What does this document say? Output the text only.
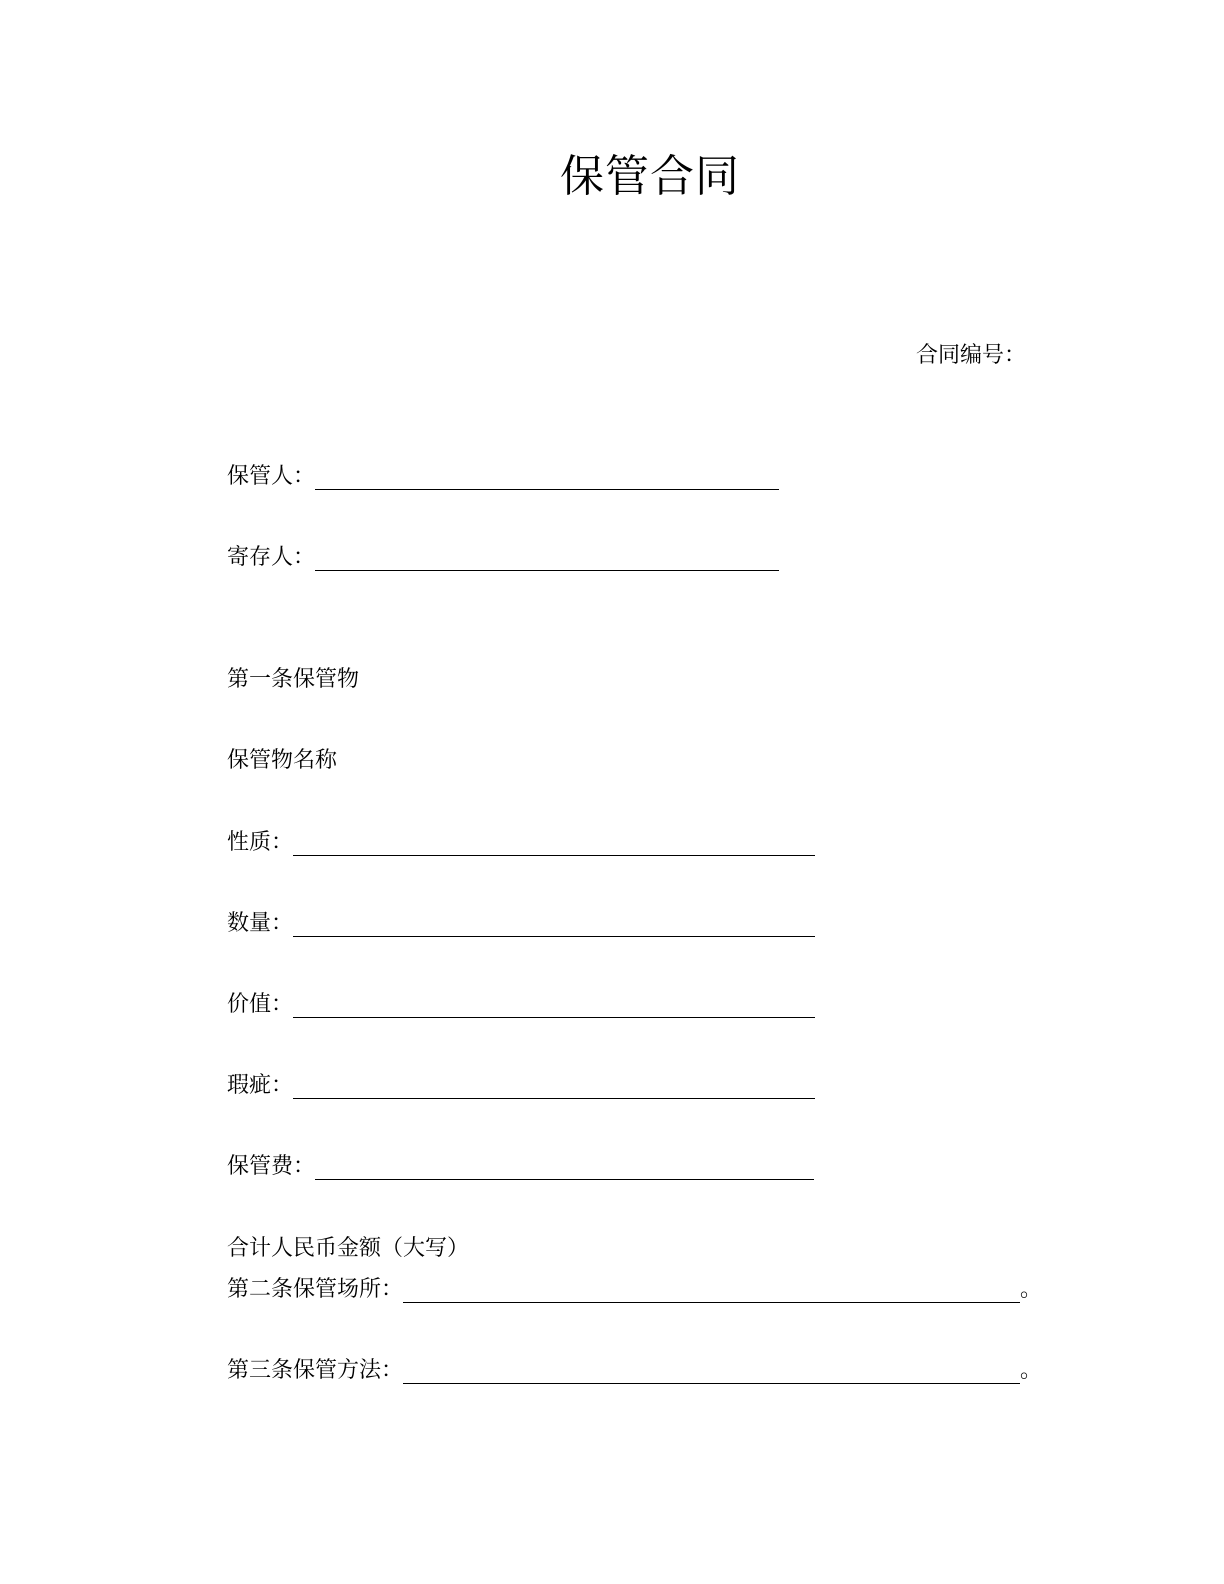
保管合同
合同编号：
保管人：
寄存人：
第一条保管物
保管物名称
性质：
数量：
价值：
瑕疵：
保管费：
合计人民币金额（大写）
第二条保管场所：	。
第三条保管方法：	。
